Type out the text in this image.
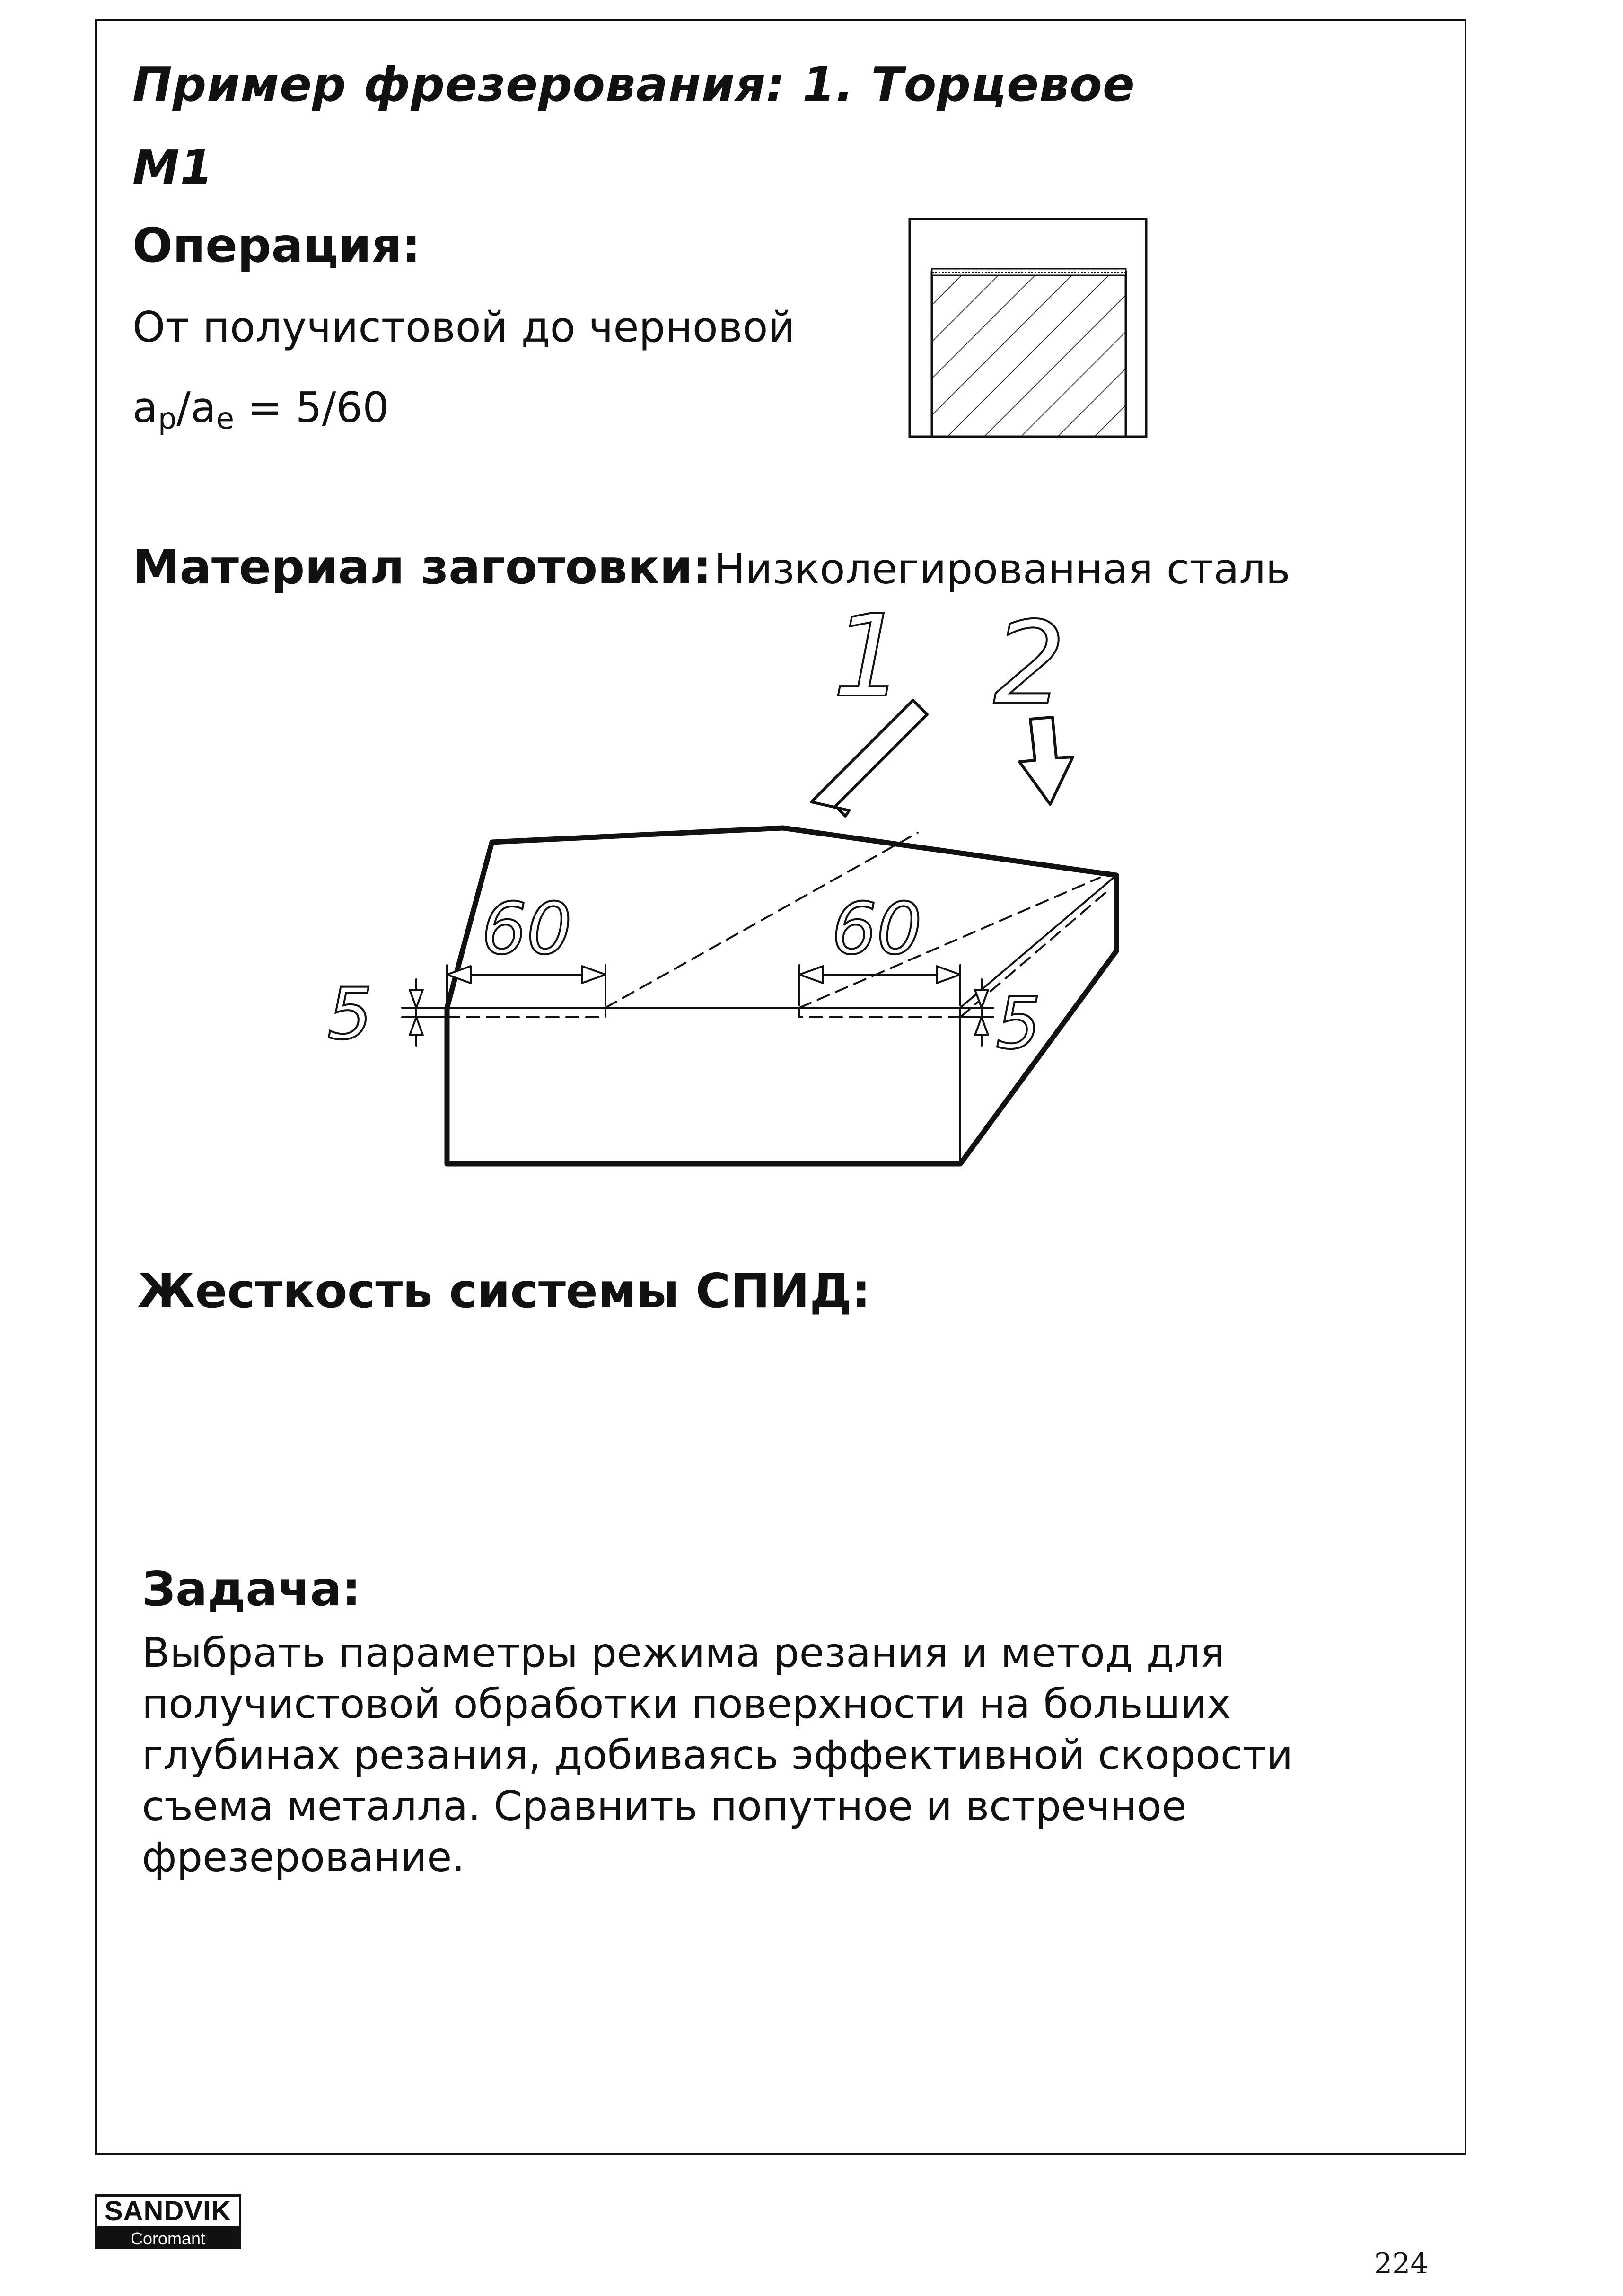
Пример фрезерования: 1. Торцевое
M1
Операция:
От получистовой до черновой
$a_p/a_e = 5/60$
Материал заготовки: Низколегированная сталь
1 2
60	60
5	5
Жесткость системы СПИД:
Задача:
Выбрать параметры режима резания и метод для получистовой обработки поверхности на больших глубинах резания, добиваясь эффективной скорости съема металла. Сравнить попутное и встречное фрезерование.
SANDVIK
Coromant
224
